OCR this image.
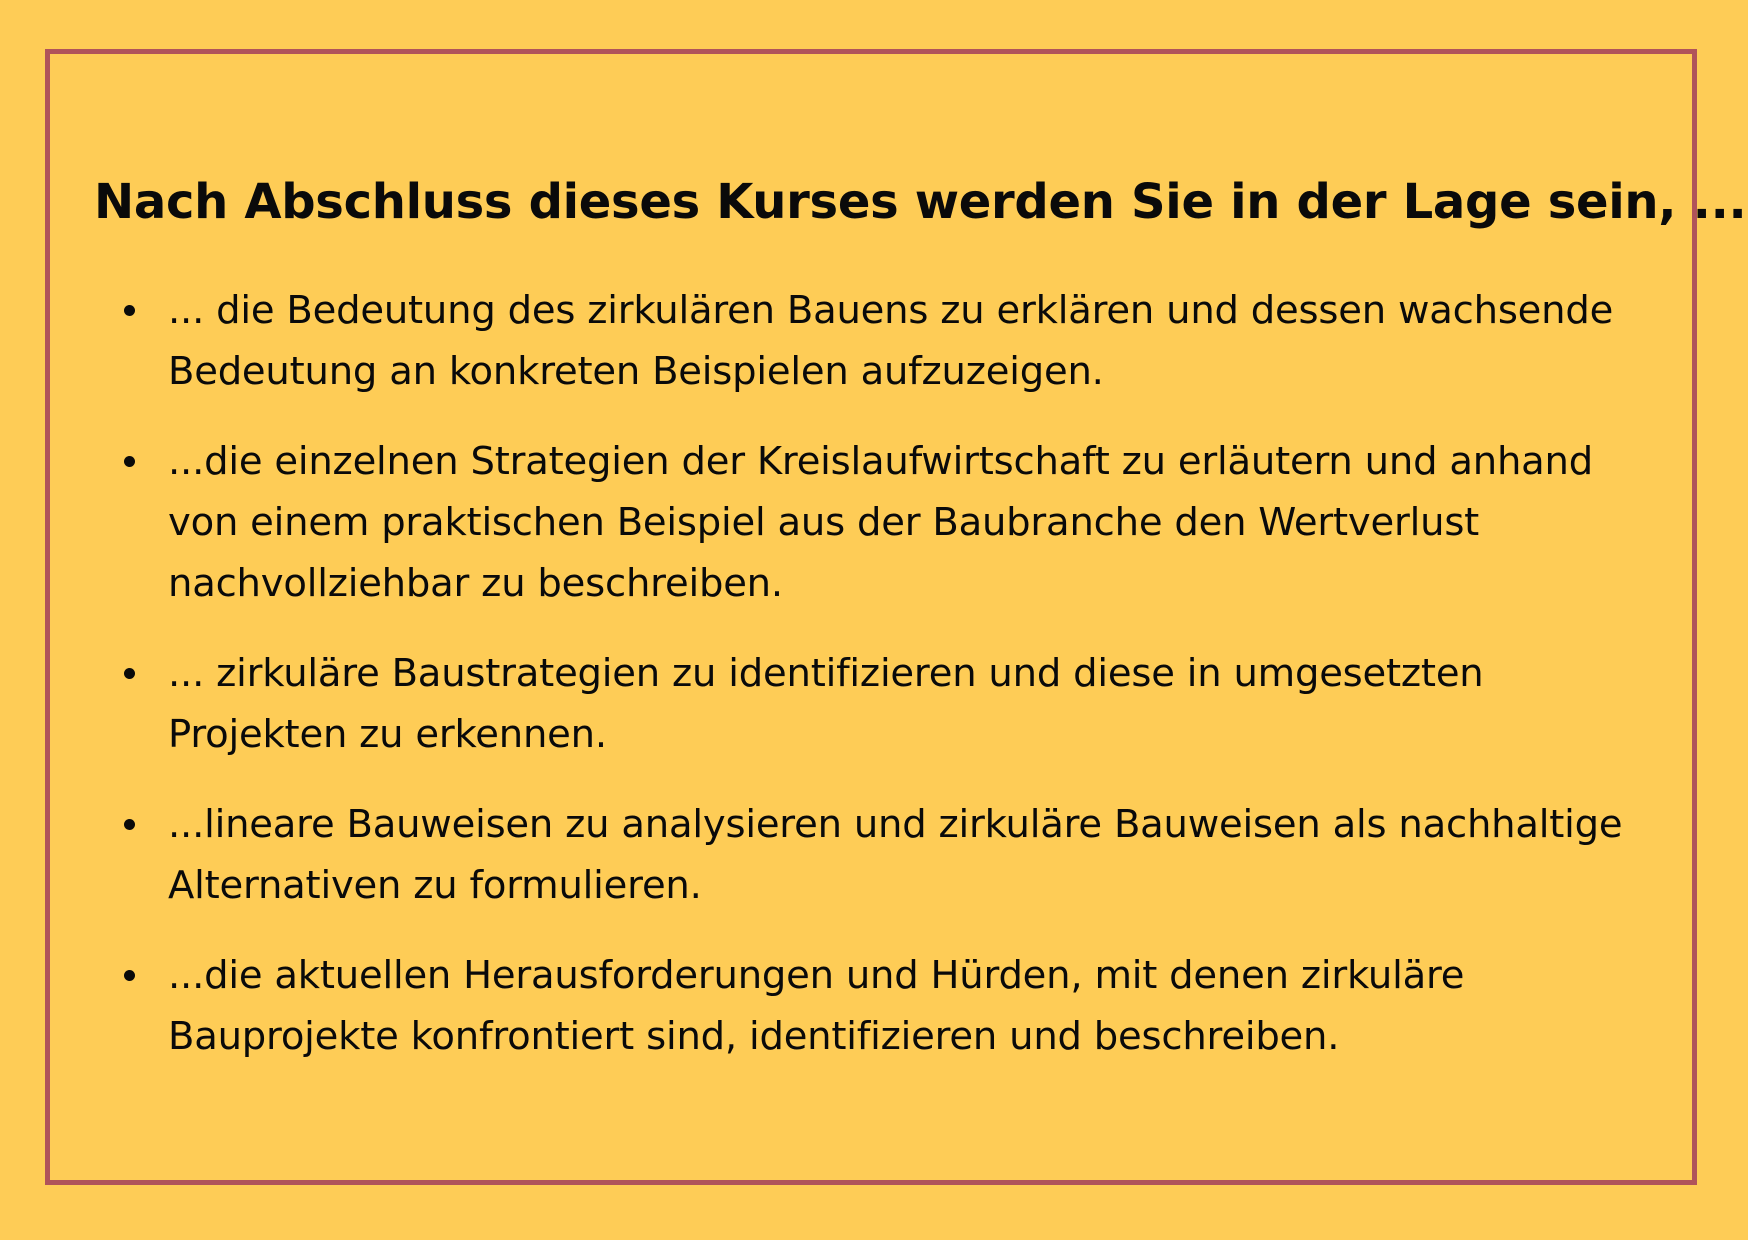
Nach Abschluss dieses Kurses werden Sie in der Lage sein, ...
... die Bedeutung des zirkulären Bauens zu erklären und dessen wachsende Bedeutung an konkreten Beispielen aufzuzeigen.
...die einzelnen Strategien der Kreislaufwirtschaft zu erläutern und anhand von einem praktischen Beispiel aus der Baubranche den Wertverlust nachvollziehbar zu beschreiben.
... zirkuläre Baustrategien zu identifizieren und diese in umgesetzten Projekten zu erkennen.
...lineare Bauweisen zu analysieren und zirkuläre Bauweisen als nachhaltige Alternativen zu formulieren.
...die aktuellen Herausforderungen und Hürden, mit denen zirkuläre Bauprojekte konfrontiert sind, identifizieren und beschreiben.
